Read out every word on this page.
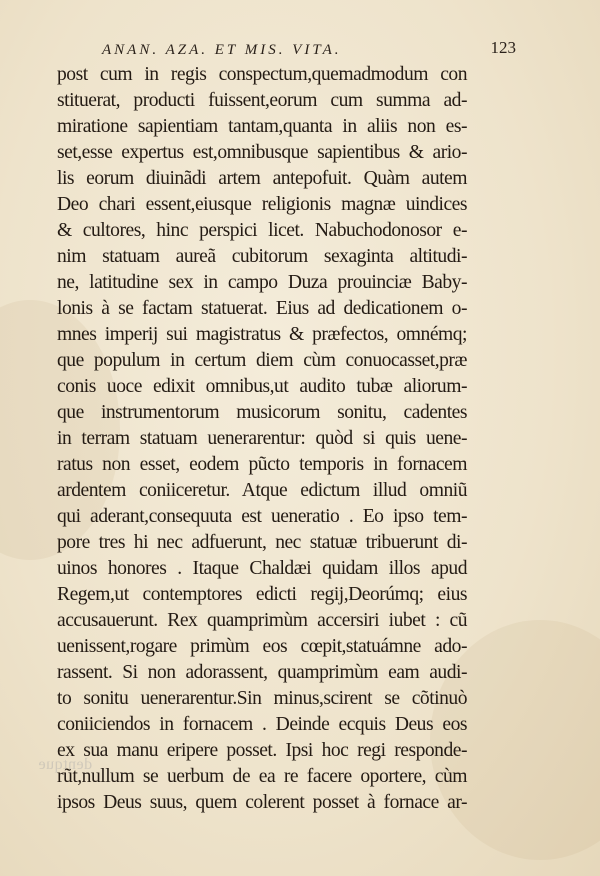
ANAN. AZA. ET MIS. VITA.	123
post cum in regis conspectum,quemadmodum con
stituerat, producti fuissent,eorum cum summa ad-
miratione sapientiam tantam,quanta in aliis non es-
set,esse expertus est,omnibusque sapientibus & ario-
lis eorum diuinãdi artem antepofuit. Quàm autem
Deo chari essent,eiusque religionis magnæ uindices
& cultores, hinc perspici licet. Nabuchodonosor e-
nim statuam aureã cubitorum sexaginta altitudi-
ne, latitudine sex in campo Duza prouinciæ Baby-
lonis à se factam statuerat. Eius ad dedicationem o-
mnes imperij sui magistratus & præfectos, omnémq;
que populum in certum diem cùm conuocasset,præ
conis uoce edixit omnibus,ut audito tubæ aliorum-
que instrumentorum musicorum sonitu, cadentes
in terram statuam uenerarentur: quòd si quis uene-
ratus non esset, eodem pũcto temporis in fornacem
ardentem coniiceretur. Atque edictum illud omniũ
qui aderant,consequuta est ueneratio . Eo ipso tem-
pore tres hi nec adfuerunt, nec statuæ tribuerunt di-
uinos honores . Itaque Chaldæi quidam illos apud
Regem,ut contemptores edicti regij,Deorúmq; eius
accusauerunt. Rex quamprimùm accersiri iubet : cũ
uenissent,rogare primùm eos cœpit,statuámne ado-
rassent. Si non adorassent, quamprimùm eam audi-
to sonitu uenerarentur.Sin minus,scirent se cõtinuò
coniiciendos in fornacem . Deinde ecquis Deus eos
ex sua manu eripere posset. Ipsi hoc regi responde-
rũt,nullum se uerbum de ea re facere oportere, cùm
ipsos Deus suus, quem colerent posset à fornace ar-
dentque
